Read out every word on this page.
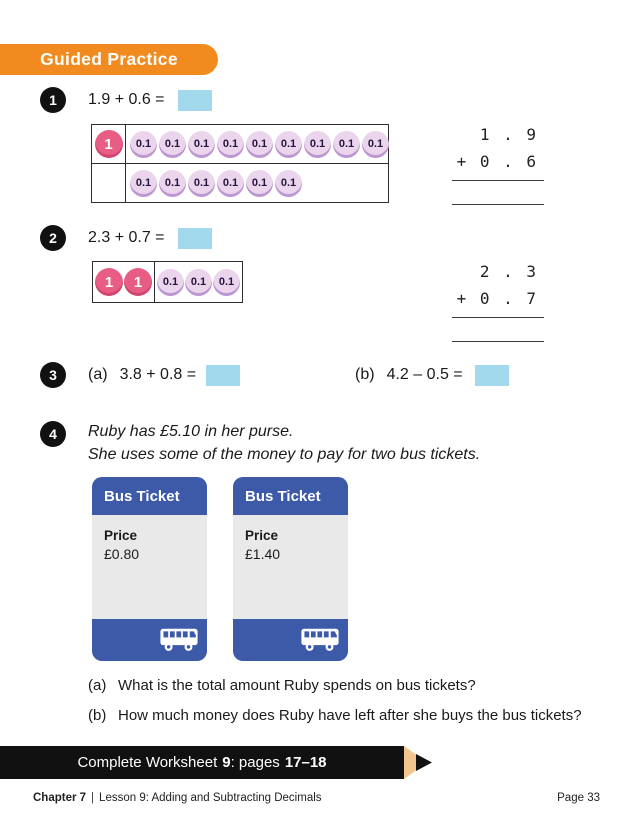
Guided Practice
1	1.9 + 0.6 =
1	0.1	0.1	0.1	0.1	0.1	0.1	0.1	0.1	0.1
0.1	0.1	0.1	0.1	0.1	0.1
1 . 9
+ 0 . 6
2	2.3 + 0.7 =
1	1	0.1	0.1	0.1
2 . 3
+ 0 . 7
3	(a) 3.8 + 0.8 =	(b) 4.2 – 0.5 =
4	Ruby has £5.10 in her purse.
She uses some of the money to pay for two bus tickets.
Bus Ticket
Price
£0.80
Bus Ticket
Price
£1.40
(a) What is the total amount Ruby spends on bus tickets?
(b) How much money does Ruby have left after she buys the bus tickets?
Complete Worksheet 9 : pages 17–18
Chapter 7 | Lesson 9: Adding and Subtracting Decimals	Page 33
